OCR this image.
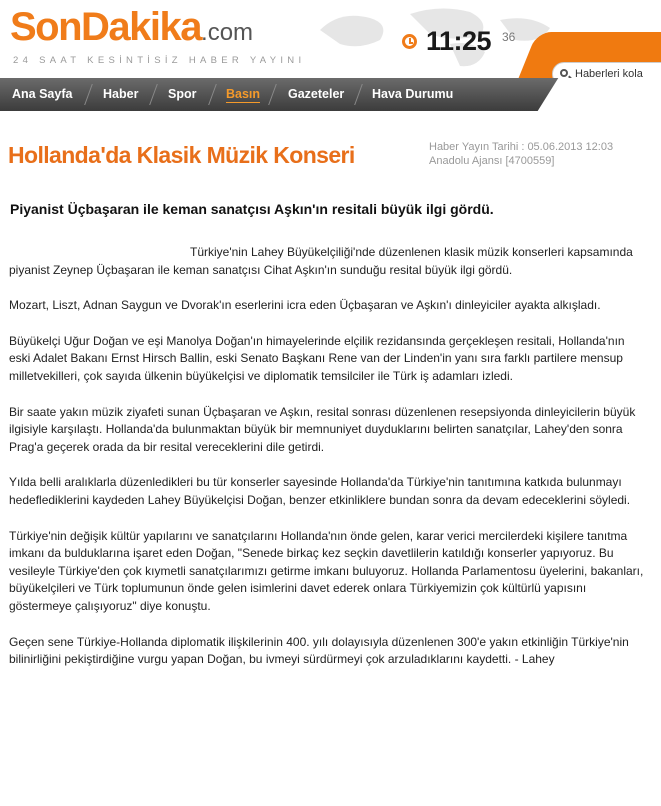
SonDakika.com
24 SAAT KESİNTİSİZ HABER YAYINI
11:25 36
Haberleri kola
Ana Sayfa Haber Spor Basın Gazeteler Hava Durumu
Hollanda'da Klasik Müzik Konseri	Haber Yayın Tarihi : 05.06.2013 12:03
Anadolu Ajansı [4700559]
Piyanist Üçbaşaran ile keman sanatçısı Aşkın'ın resitali büyük ilgi gördü.

Türkiye'nin Lahey Büyükelçiliği'nde düzenlenen klasik müzik konserleri kapsamında piyanist Zeynep Üçbaşaran ile keman sanatçısı Cihat Aşkın'ın sunduğu resital büyük ilgi gördü.

Mozart, Liszt, Adnan Saygun ve Dvorak'ın eserlerini icra eden Üçbaşaran ve Aşkın'ı dinleyiciler ayakta alkışladı.

Büyükelçi Uğur Doğan ve eşi Manolya Doğan'ın himayelerinde elçilik rezidansında gerçekleşen resitali, Hollanda'nın eski Adalet Bakanı Ernst Hirsch Ballin, eski Senato Başkanı Rene van der Linden'in yanı sıra farklı partilere mensup milletvekilleri, çok sayıda ülkenin büyükelçisi ve diplomatik temsilciler ile Türk iş adamları izledi.

Bir saate yakın müzik ziyafeti sunan Üçbaşaran ve Aşkın, resital sonrası düzenlenen resepsiyonda dinleyicilerin büyük ilgisiyle karşılaştı. Hollanda'da bulunmaktan büyük bir memnuniyet duyduklarını belirten sanatçılar, Lahey'den sonra Prag'a geçerek orada da bir resital vereceklerini dile getirdi.

Yılda belli aralıklarla düzenledikleri bu tür konserler sayesinde Hollanda'da Türkiye'nin tanıtımına katkıda bulunmayı hedeflediklerini kaydeden Lahey Büyükelçisi Doğan, benzer etkinliklere bundan sonra da devam edeceklerini söyledi.

Türkiye'nin değişik kültür yapılarını ve sanatçılarını Hollanda'nın önde gelen, karar verici mercilerdeki kişilere tanıtma imkanı da bulduklarına işaret eden Doğan, "Senede birkaç kez seçkin davetlilerin katıldığı konserler yapıyoruz. Bu vesileyle Türkiye'den çok kıymetli sanatçılarımızı getirme imkanı buluyoruz. Hollanda Parlamentosu üyelerini, bakanları, büyükelçileri ve Türk toplumunun önde gelen isimlerini davet ederek onlara Türkiyemizin çok kültürlü yapısını göstermeye çalışıyoruz" diye konuştu.

Geçen sene Türkiye-Hollanda diplomatik ilişkilerinin 400. yılı dolayısıyla düzenlenen 300'e yakın etkinliğin Türkiye'nin bilinirliğini pekiştirdiğine vurgu yapan Doğan, bu ivmeyi sürdürmeyi çok arzuladıklarını kaydetti. - Lahey
